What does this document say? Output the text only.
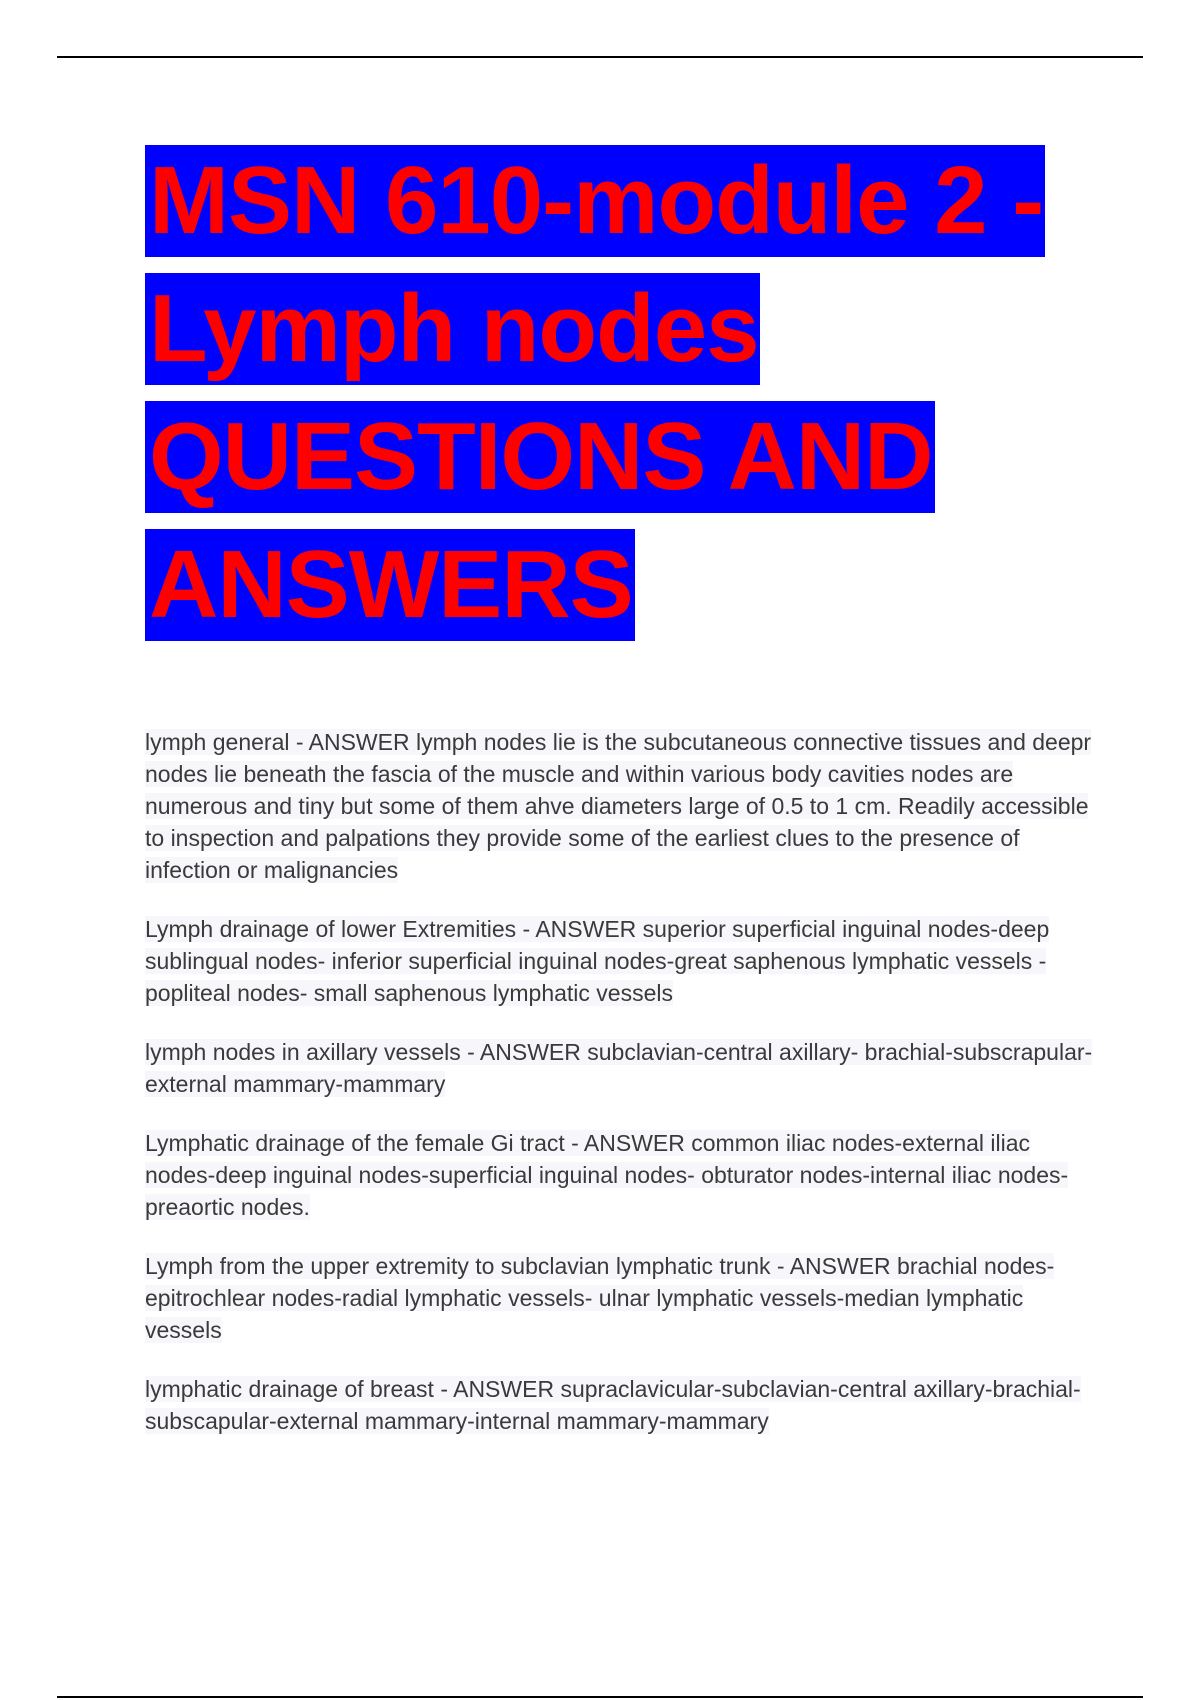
MSN 610-module 2 -
Lymph nodes
QUESTIONS AND
ANSWERS

lymph general - ANSWER lymph nodes lie is the subcutaneous connective tissues and deepr nodes lie beneath the fascia of the muscle and within various body cavities nodes are numerous and tiny but some of them ahve diameters large of 0.5 to 1 cm. Readily accessible to inspection and palpations they provide some of the earliest clues to the presence of infection or malignancies

Lymph drainage of lower Extremities - ANSWER superior superficial inguinal nodes-deep sublingual nodes- inferior superficial inguinal nodes-great saphenous lymphatic vessels -popliteal nodes- small saphenous lymphatic vessels

lymph nodes in axillary vessels - ANSWER subclavian-central axillary- brachial-subscrapular-external mammary-mammary

Lymphatic drainage of the female Gi tract - ANSWER common iliac nodes-external iliac nodes-deep inguinal nodes-superficial inguinal nodes- obturator nodes-internal iliac nodes-preaortic nodes.

Lymph from the upper extremity to subclavian lymphatic trunk - ANSWER brachial nodes-epitrochlear nodes-radial lymphatic vessels- ulnar lymphatic vessels-median lymphatic vessels

lymphatic drainage of breast - ANSWER supraclavicular-subclavian-central axillary-brachial-subscapular-external mammary-internal mammary-mammary
